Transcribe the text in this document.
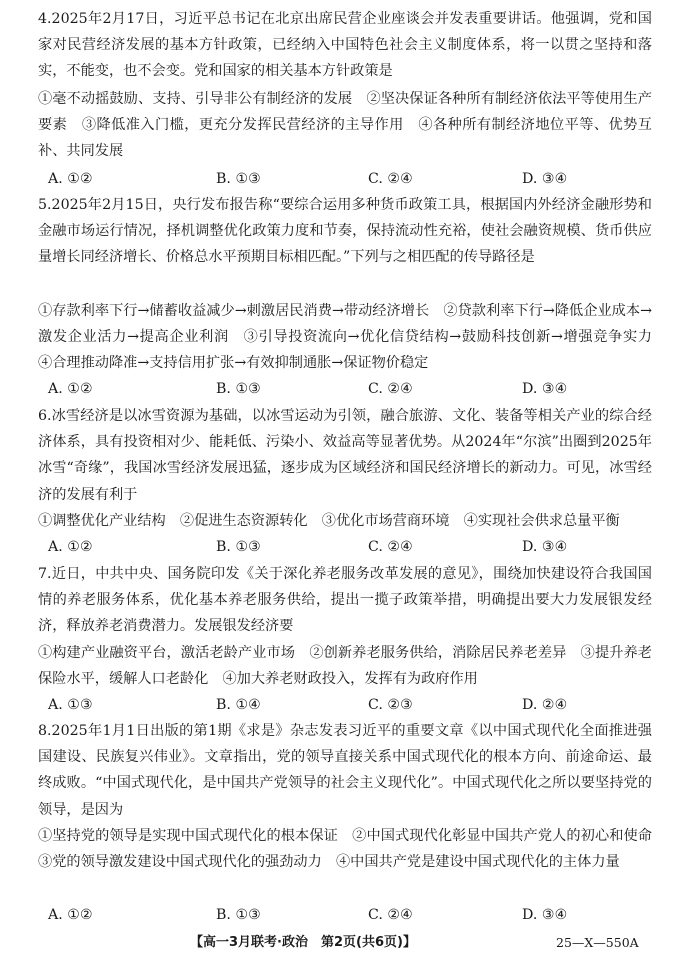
4.2025年2月17日，习近平总书记在北京出席民营企业座谈会并发表重要讲话。他强调，党和国家对民营经济发展的基本方针政策，已经纳入中国特色社会主义制度体系，将一以贯之坚持和落实，不能变，也不会变。党和国家的相关基本方针政策是
①毫不动摇鼓励、支持、引导非公有制经济的发展　②坚决保证各种所有制经济依法平等使用生产要素　③降低准入门槛，更充分发挥民营经济的主导作用　④各种所有制经济地位平等、优势互补、共同发展
A. ①②	B. ①③	C. ②④	D. ③④
5.2025年2月15日，央行发布报告称“要综合运用多种货币政策工具，根据国内外经济金融形势和金融市场运行情况，择机调整优化政策力度和节奏，保持流动性充裕，使社会融资规模、货币供应量增长同经济增长、价格总水平预期目标相匹配。”下列与之相匹配的传导路径是
①存款利率下行→储蓄收益减少→刺激居民消费→带动经济增长　②贷款利率下行→降低企业成本→激发企业活力→提高企业利润　③引导投资流向→优化信贷结构→鼓励科技创新→增强竞争实力　④合理推动降准→支持信用扩张→有效抑制通胀→保证物价稳定
A. ①②	B. ①③	C. ②④	D. ③④
6.冰雪经济是以冰雪资源为基础，以冰雪运动为引领，融合旅游、文化、装备等相关产业的综合经济体系，具有投资相对少、能耗低、污染小、效益高等显著优势。从2024年“尔滨”出圈到2025年冰雪“奇缘”，我国冰雪经济发展迅猛，逐步成为区域经济和国民经济增长的新动力。可见，冰雪经济的发展有利于
①调整优化产业结构　②促进生态资源转化　③优化市场营商环境　④实现社会供求总量平衡
A. ①②	B. ①③	C. ②④	D. ③④
7.近日，中共中央、国务院印发《关于深化养老服务改革发展的意见》，围绕加快建设符合我国国情的养老服务体系，优化基本养老服务供给，提出一揽子政策举措，明确提出要大力发展银发经济，释放养老消费潜力。发展银发经济要
①构建产业融资平台，激活老龄产业市场　②创新养老服务供给，消除居民养老差异　③提升养老保险水平，缓解人口老龄化　④加大养老财政投入，发挥有为政府作用
A. ①③	B. ①④	C. ②③	D. ②④
8.2025年1月1日出版的第1期《求是》杂志发表习近平的重要文章《以中国式现代化全面推进强国建设、民族复兴伟业》。文章指出，党的领导直接关系中国式现代化的根本方向、前途命运、最终成败。“中国式现代化，是中国共产党领导的社会主义现代化”。中国式现代化之所以要坚持党的领导，是因为
①坚持党的领导是实现中国式现代化的根本保证　②中国式现代化彰显中国共产党人的初心和使命　③党的领导激发建设中国式现代化的强劲动力　④中国共产党是建设中国式现代化的主体力量
A. ①②	B. ①③	C. ②④	D. ③④
【高一3月联考·政治　第2页(共6页)】	25—X—550A
